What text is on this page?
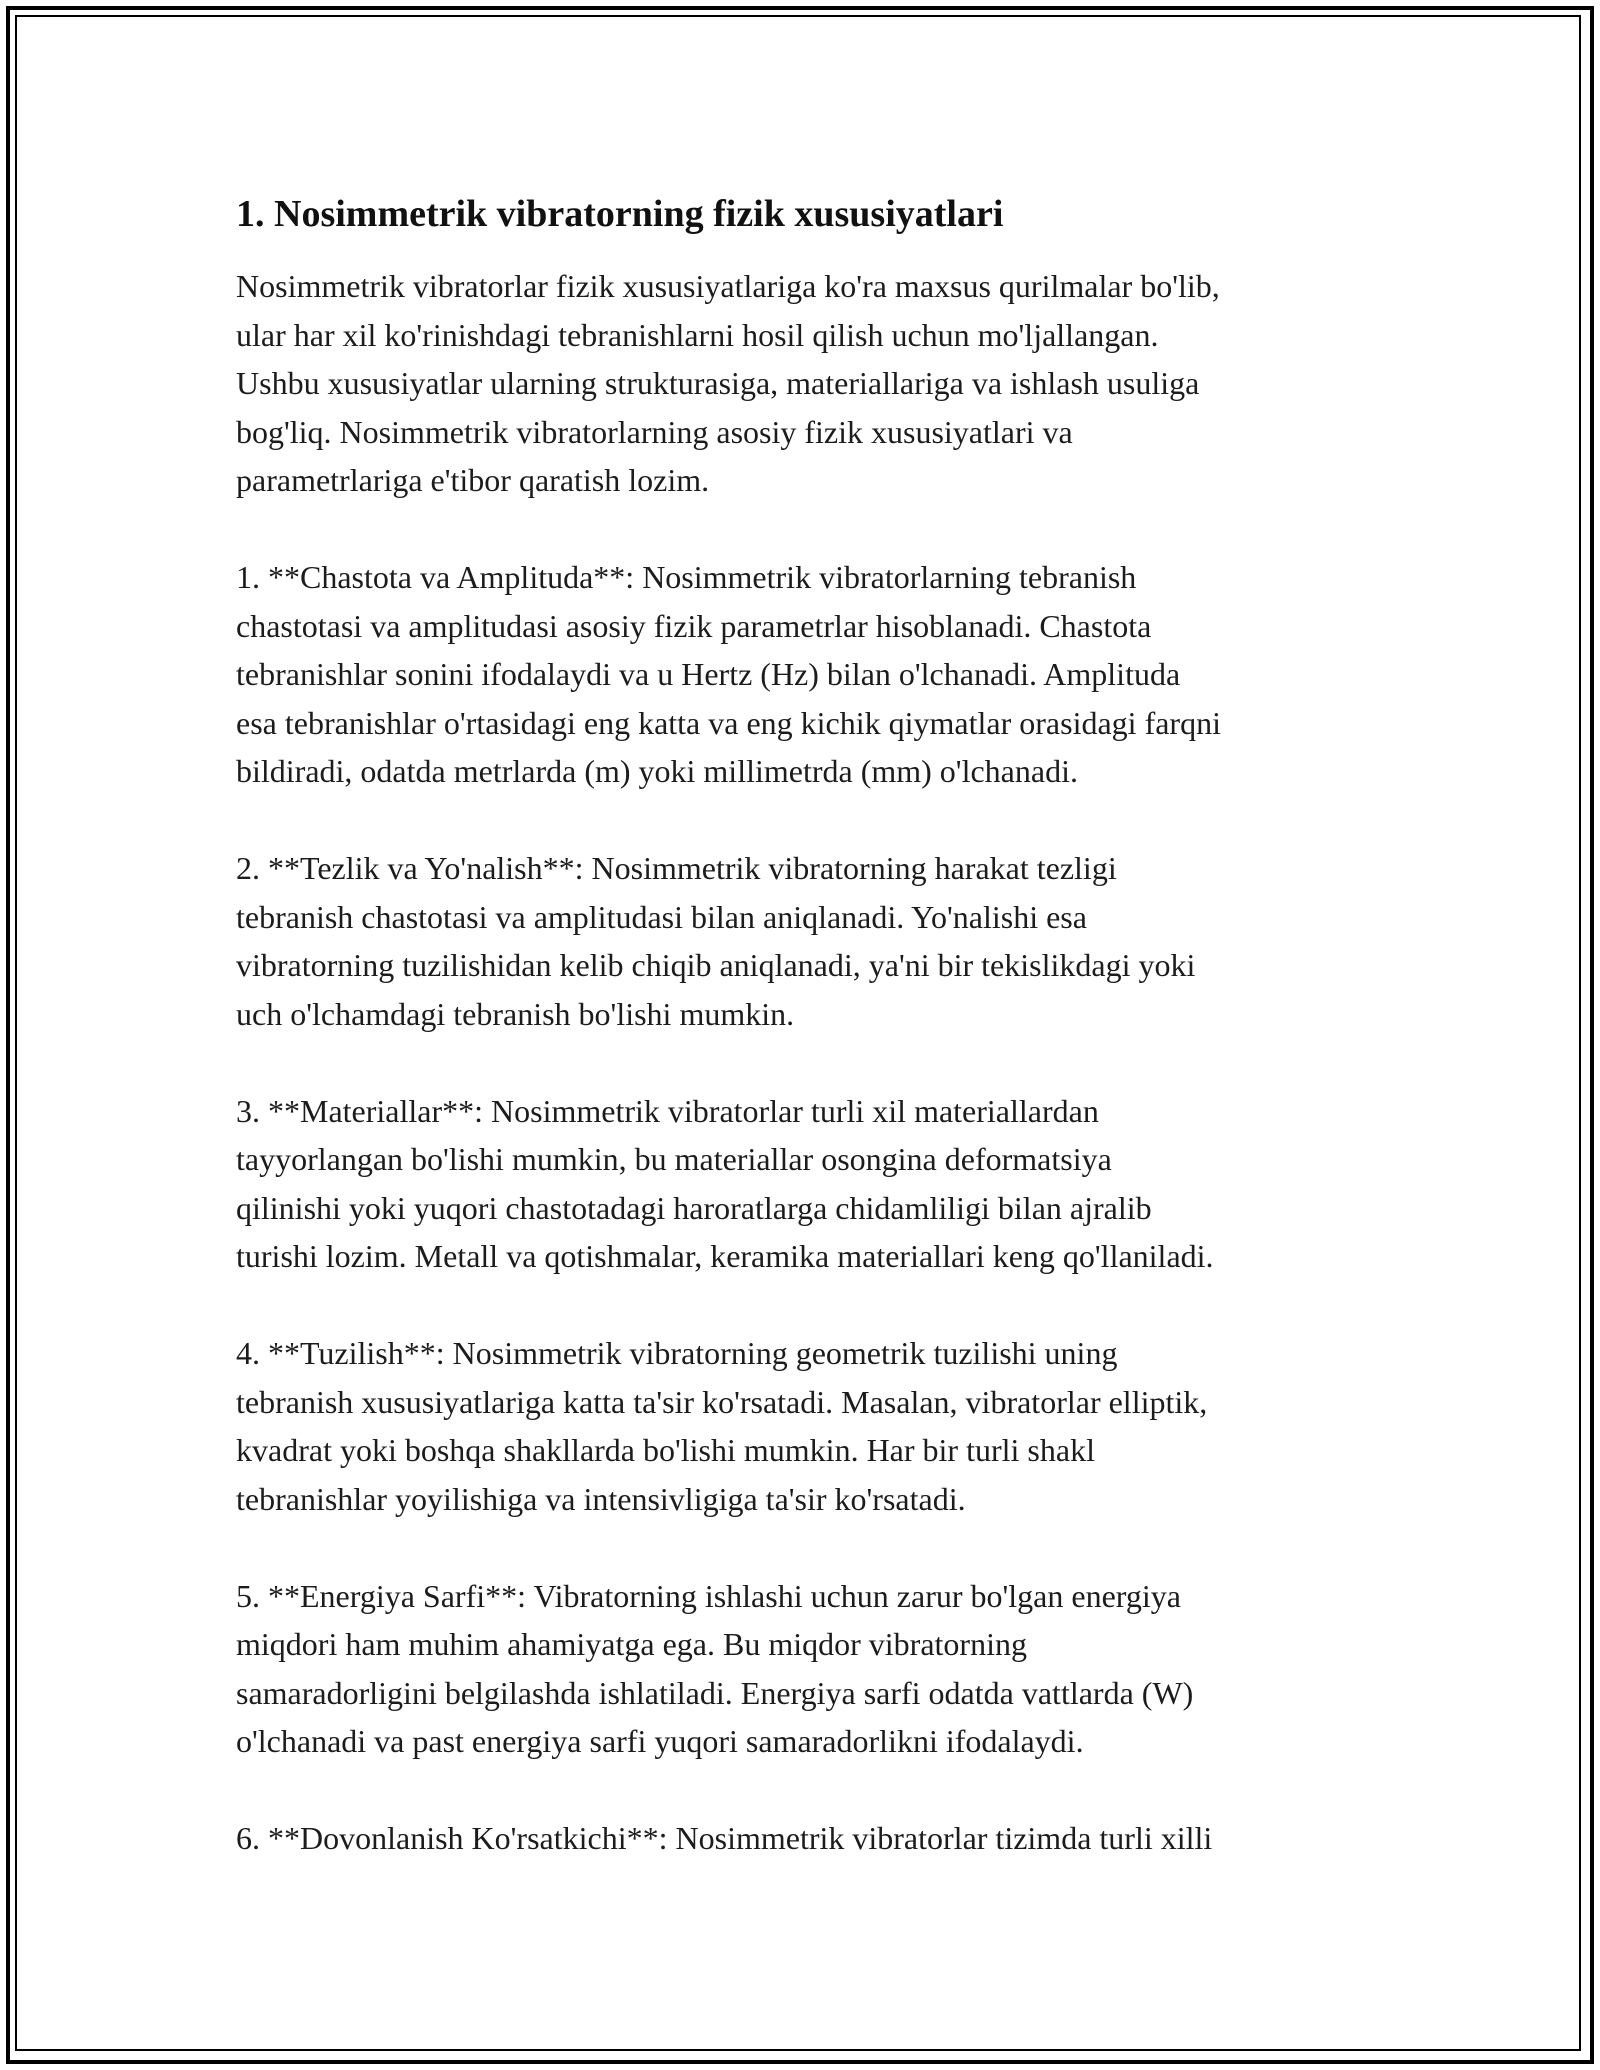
1. Nosimmetrik vibratorning fizik xususiyatlari

Nosimmetrik vibratorlar fizik xususiyatlariga ko'ra maxsus qurilmalar bo'lib,
ular har xil ko'rinishdagi tebranishlarni hosil qilish uchun mo'ljallangan.
Ushbu xususiyatlar ularning strukturasiga, materiallariga va ishlash usuliga
bog'liq. Nosimmetrik vibratorlarning asosiy fizik xususiyatlari va
parametrlariga e'tibor qaratish lozim.

1. **Chastota va Amplituda**: Nosimmetrik vibratorlarning tebranish
chastotasi va amplitudasi asosiy fizik parametrlar hisoblanadi. Chastota
tebranishlar sonini ifodalaydi va u Hertz (Hz) bilan o'lchanadi. Amplituda
esa tebranishlar o'rtasidagi eng katta va eng kichik qiymatlar orasidagi farqni
bildiradi, odatda metrlarda (m) yoki millimetrda (mm) o'lchanadi.

2. **Tezlik va Yo'nalish**: Nosimmetrik vibratorning harakat tezligi
tebranish chastotasi va amplitudasi bilan aniqlanadi. Yo'nalishi esa
vibratorning tuzilishidan kelib chiqib aniqlanadi, ya'ni bir tekislikdagi yoki
uch o'lchamdagi tebranish bo'lishi mumkin.

3. **Materiallar**: Nosimmetrik vibratorlar turli xil materiallardan
tayyorlangan bo'lishi mumkin, bu materiallar osongina deformatsiya
qilinishi yoki yuqori chastotadagi haroratlarga chidamliligi bilan ajralib
turishi lozim. Metall va qotishmalar, keramika materiallari keng qo'llaniladi.

4. **Tuzilish**: Nosimmetrik vibratorning geometrik tuzilishi uning
tebranish xususiyatlariga katta ta'sir ko'rsatadi. Masalan, vibratorlar elliptik,
kvadrat yoki boshqa shakllarda bo'lishi mumkin. Har bir turli shakl
tebranishlar yoyilishiga va intensivligiga ta'sir ko'rsatadi.

5. **Energiya Sarfi**: Vibratorning ishlashi uchun zarur bo'lgan energiya
miqdori ham muhim ahamiyatga ega. Bu miqdor vibratorning
samaradorligini belgilashda ishlatiladi. Energiya sarfi odatda vattlarda (W)
o'lchanadi va past energiya sarfi yuqori samaradorlikni ifodalaydi.

6. **Dovonlanish Ko'rsatkichi**: Nosimmetrik vibratorlar tizimda turli xilli
